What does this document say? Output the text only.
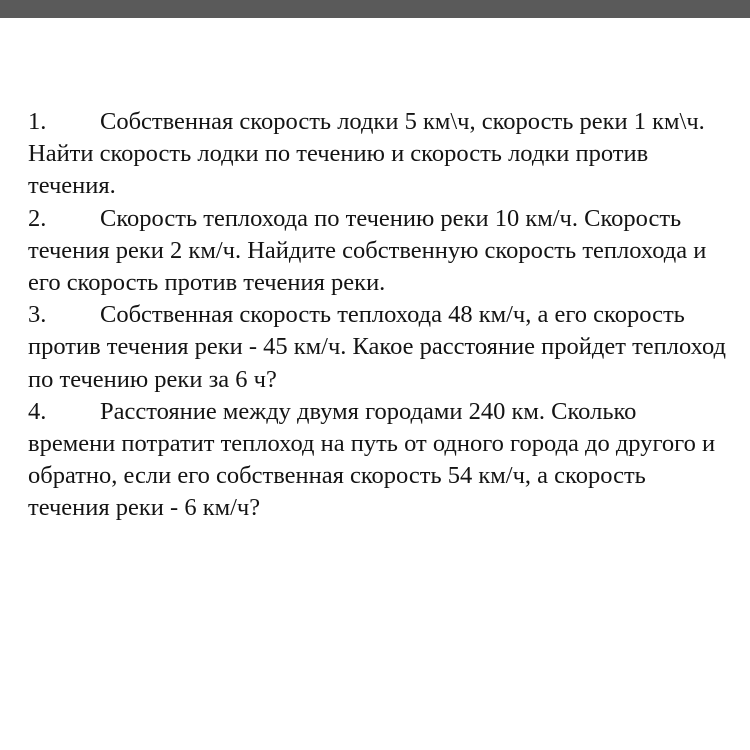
1. Собственная скорость лодки 5 км\ч, скорость реки 1 км\ч. Найти скорость лодки по течению и скорость лодки против течения.

2. Скорость теплохода по течению реки 10 км/ч. Скорость течения реки 2 км/ч. Найдите собственную скорость теплохода и его скорость против течения реки.

3. Собственная скорость теплохода 48 км/ч, а его скорость против течения реки - 45 км/ч. Какое расстояние пройдет теплоход по течению реки за 6 ч?

4. Расстояние между двумя городами 240 км. Сколько времени потратит теплоход на путь от одного города до другого и обратно, если его собственная скорость 54 км/ч, а скорость течения реки - 6 км/ч?
